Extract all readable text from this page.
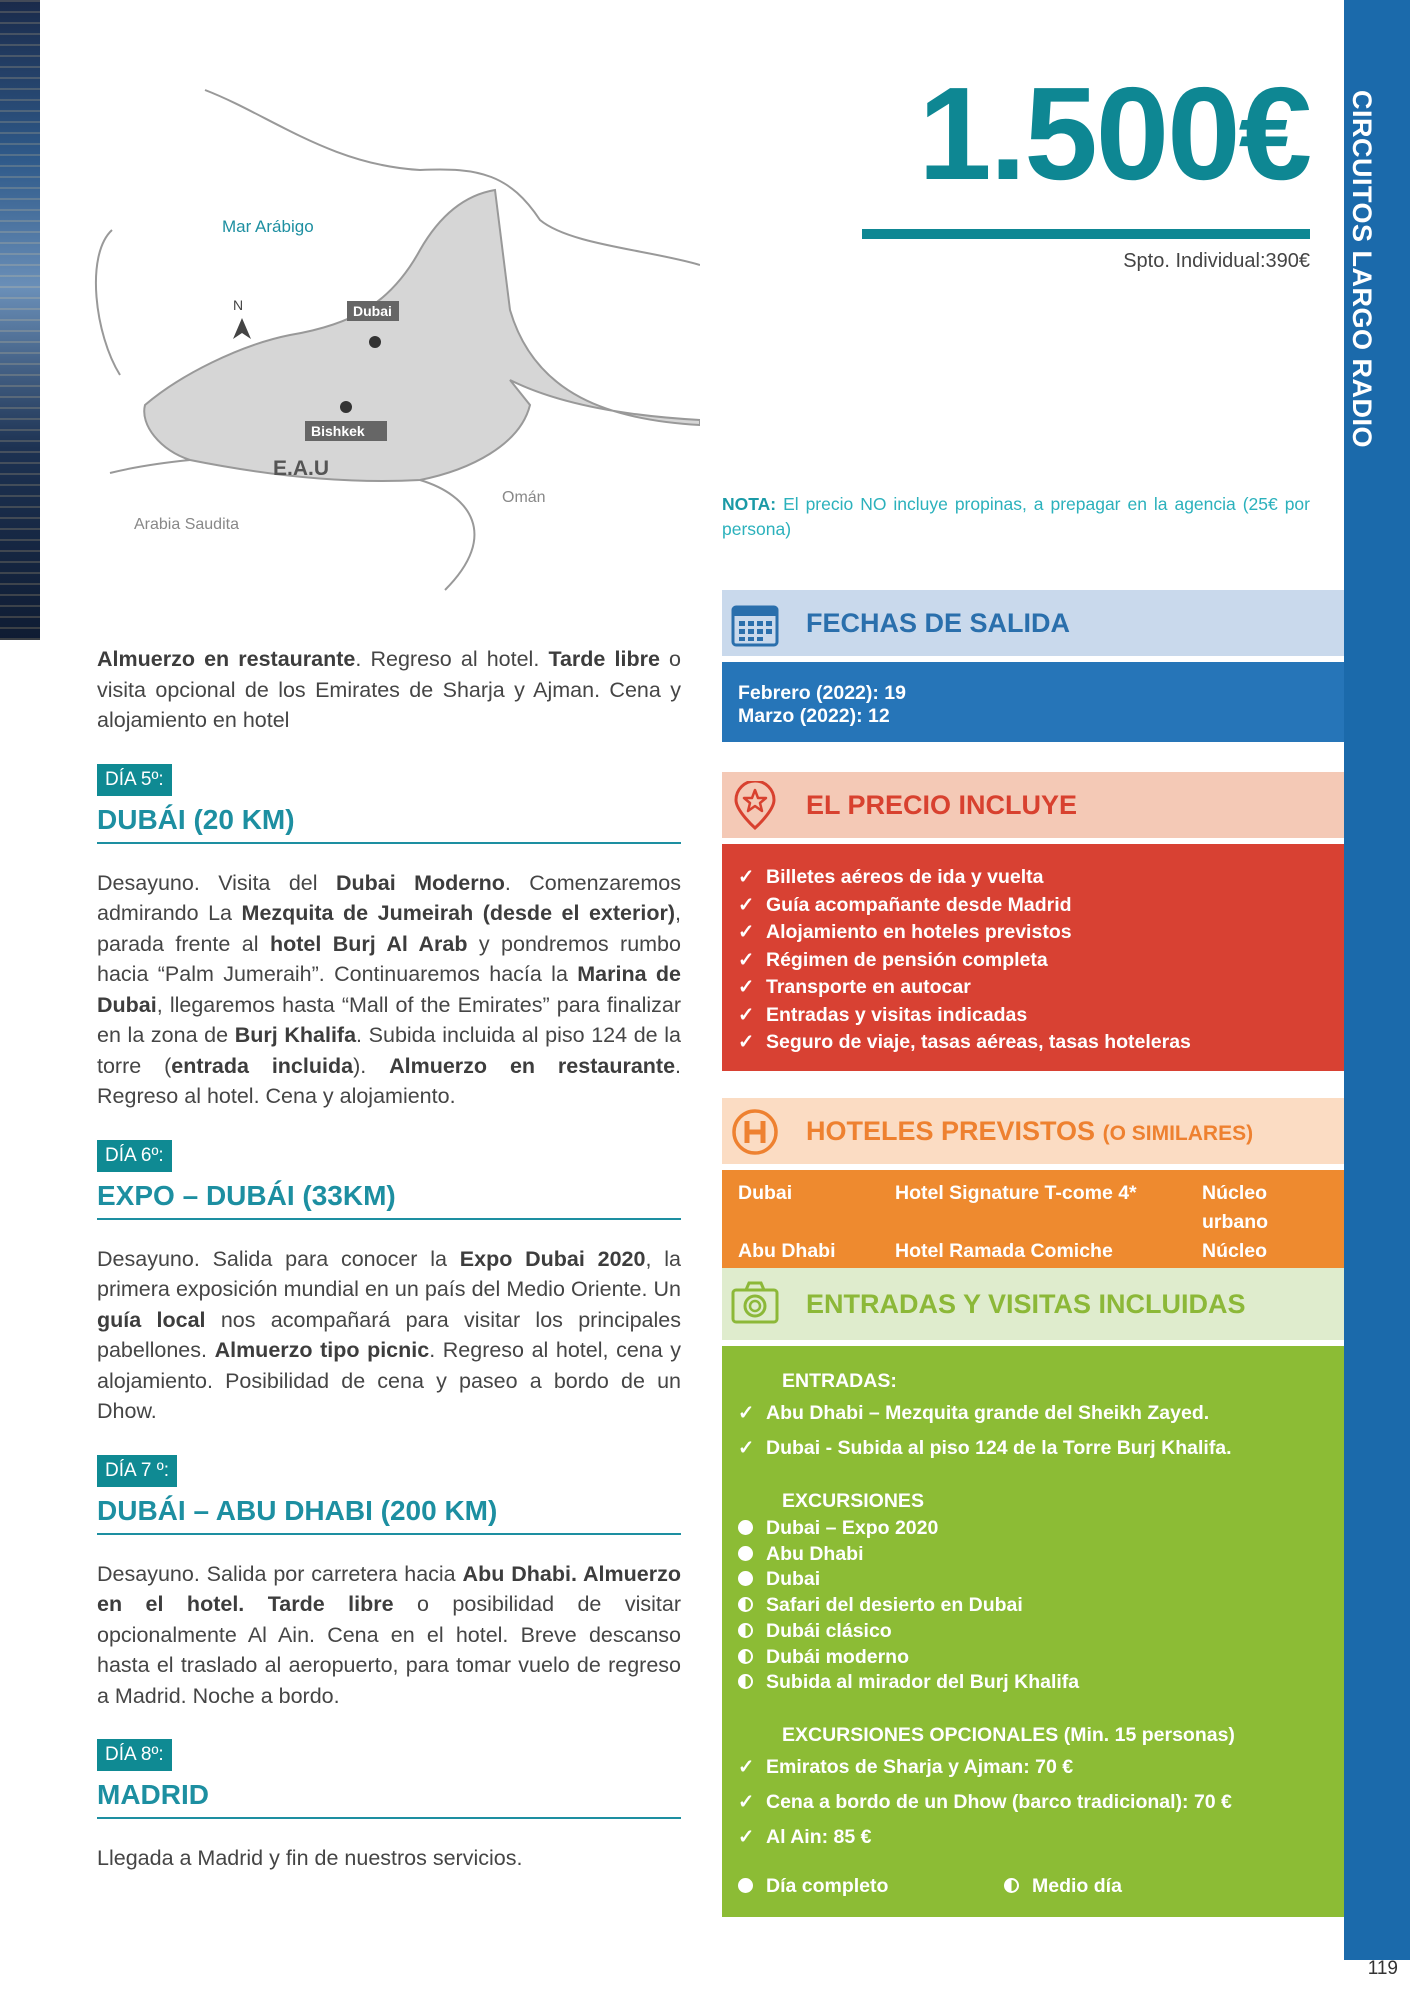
CIRCUITOS LARGO RADIO
119
Mar Arábigo
N	Dubai
Bishkek
E.A.U
Omán
Arabia Saudita
1.500€
Spto. Individual:390€
NOTA: El precio NO incluye propinas, a prepagar en la agencia (25€ por persona)

Almuerzo en restaurante. Regreso al hotel. Tarde libre o visita opcional de los Emirates de Sharja y Ajman. Cena y alojamiento en hotel

DÍA 5º:
DUBÁI (20 KM)

Desayuno. Visita del Dubai Moderno. Comenzaremos admirando La Mezquita de Jumeirah (desde el exterior), parada frente al hotel Burj Al Arab y pondremos rumbo hacia “Palm Jumeraih”. Continuaremos hacía la Marina de Dubai, llegaremos hasta “Mall of the Emirates” para finalizar en la zona de Burj Khalifa. Subida incluida al piso 124 de la torre (entrada incluida). Almuerzo en restaurante. Regreso al hotel. Cena y alojamiento.

DÍA 6º:
EXPO – DUBÁI (33KM)

Desayuno. Salida para conocer la Expo Dubai 2020, la primera exposición mundial en un país del Medio Oriente. Un guía local nos acompañará para visitar los principales pabellones. Almuerzo tipo picnic. Regreso al hotel, cena y alojamiento. Posibilidad de cena y paseo a bordo de un Dhow.

DÍA 7 º:
DUBÁI – ABU DHABI (200 KM)

Desayuno. Salida por carretera hacia Abu Dhabi. Almuerzo en el hotel. Tarde libre o posibilidad de visitar opcionalmente Al Ain. Cena en el hotel. Breve descanso hasta el traslado al aeropuerto, para tomar vuelo de regreso a Madrid. Noche a bordo.

DÍA 8º:
MADRID

Llegada a Madrid y fin de nuestros servicios.

FECHAS DE SALIDA
Febrero (2022): 19
Marzo (2022): 12
EL PRECIO INCLUYE
✓ Billetes aéreos de ida y vuelta
✓ Guía acompañante desde Madrid
✓ Alojamiento en hoteles previstos
✓ Régimen de pensión completa
✓ Transporte en autocar
✓ Entradas y visitas indicadas
✓ Seguro de viaje, tasas aéreas, tasas hoteleras
HOTELES PREVISTOS (O SIMILARES)
Dubai	Hotel Signature T-come 4*	Núcleo urbano
Abu Dhabi	Hotel Ramada Comiche	Núcleo
ENTRADAS Y VISITAS INCLUIDAS
ENTRADAS:
✓ Abu Dhabi – Mezquita grande del Sheikh Zayed.
✓ Dubai - Subida al piso 124 de la Torre Burj Khalifa.
EXCURSIONES
Dubai – Expo 2020
Abu Dhabi
Dubai
Safari del desierto en Dubai
Dubái clásico
Dubái moderno
Subida al mirador del Burj Khalifa
EXCURSIONES OPCIONALES (Min. 15 personas)
✓ Emiratos de Sharja y Ajman: 70 €
✓ Cena a bordo de un Dhow (barco tradicional): 70 €
✓ Al Ain: 85 €
Día completo	Medio día
